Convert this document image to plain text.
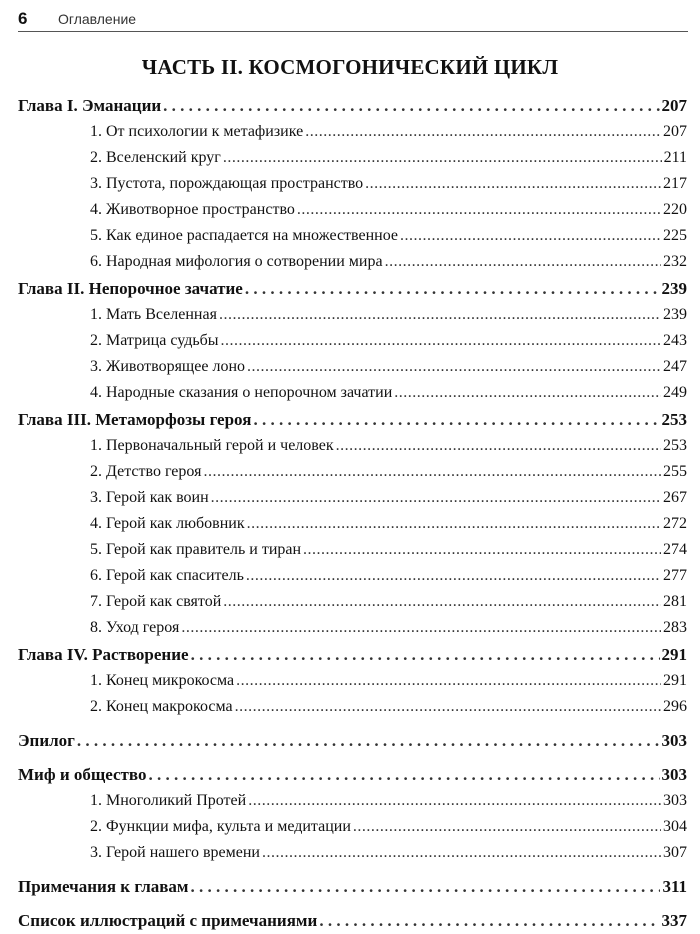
6	Оглавление
ЧАСТЬ II. КОСМОГОНИЧЕСКИЙ ЦИКЛ
Глава I. Эманации . . .	207
1. От психологии к метафизике .....	207
2. Вселенский круг .....	211
3. Пустота, порождающая пространство .....	217
4. Животворное пространство .....	220
5. Как единое распадается на множественное .....	225
6. Народная мифология о сотворении мира .....	232
Глава II. Непорочное зачатие . . .	239
1. Мать Вселенная .....	239
2. Матрица судьбы .....	243
3. Животворящее лоно .....	247
4. Народные сказания о непорочном зачатии .....	249
Глава III. Метаморфозы героя . . .	253
1. Первоначальный герой и человек .....	253
2. Детство героя .....	255
3. Герой как воин .....	267
4. Герой как любовник .....	272
5. Герой как правитель и тиран .....	274
6. Герой как спаситель .....	277
7. Герой как святой .....	281
8. Уход героя .....	283
Глава IV. Растворение . . .	291
1. Конец микрокосма .....	291
2. Конец макрокосма .....	296
Эпилог . . .	303
Миф и общество . . .	303
1. Многоликий Протей .....	303
2. Функции мифа, культа и медитации .....	304
3. Герой нашего времени .....	307
Примечания к главам . . .	311
Список иллюстраций с примечаниями . . .	337
